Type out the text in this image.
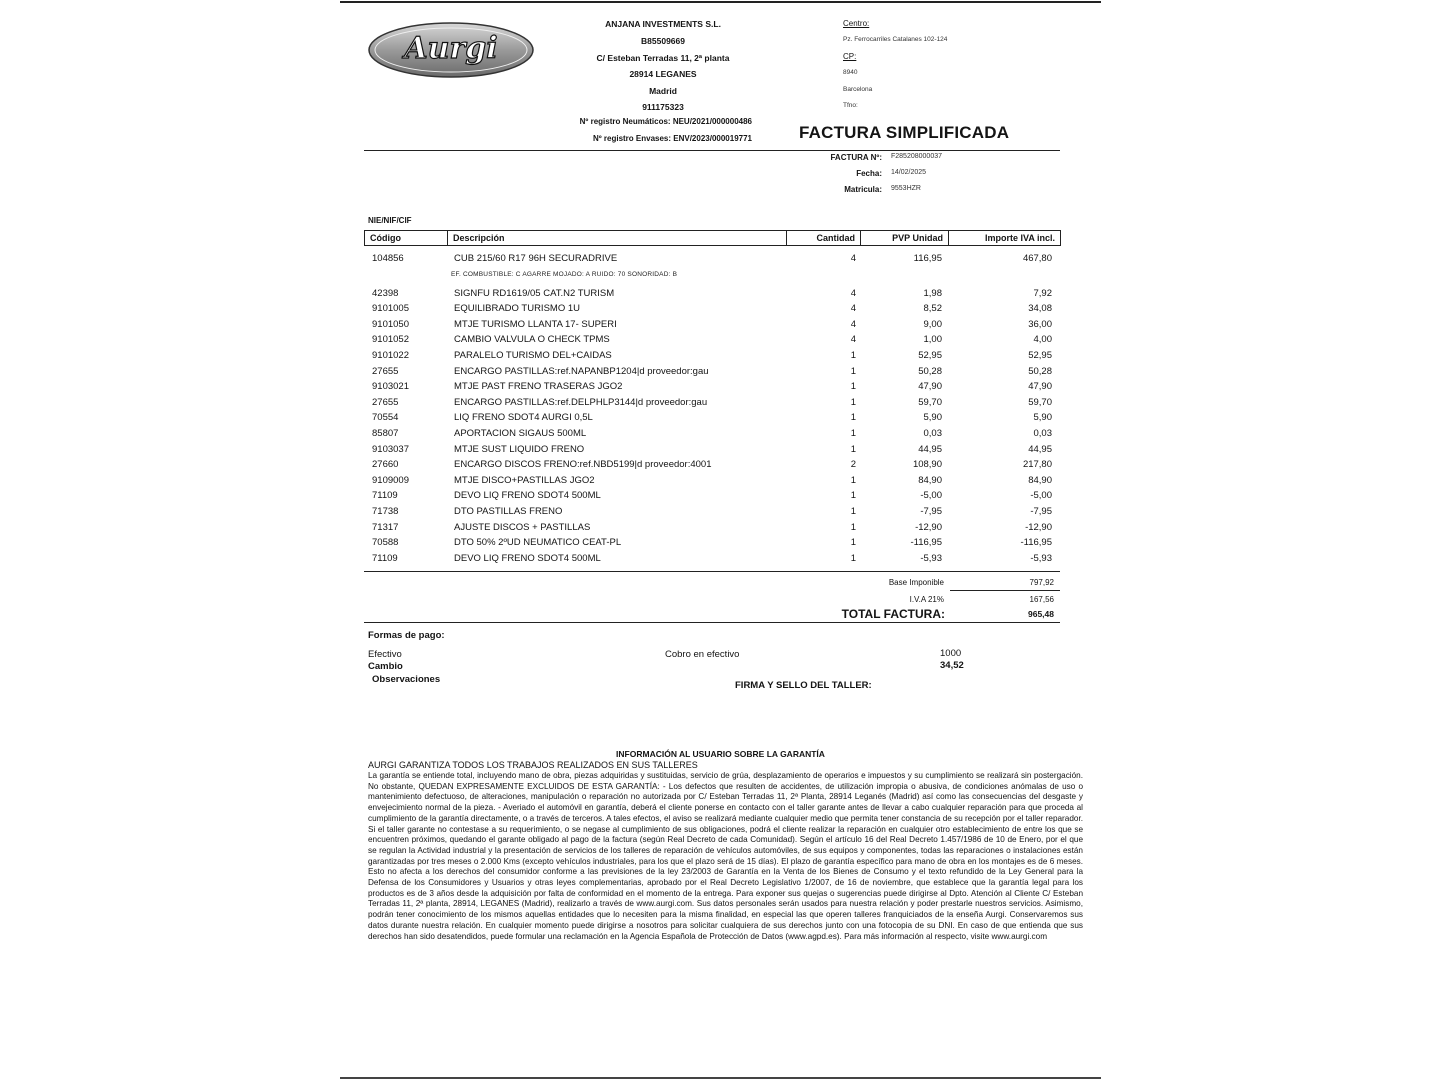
Aurgi
ANJANA INVESTMENTS S.L.
B85509669
C/ Esteban Terradas 11, 2ª planta
28914 LEGANES
Madrid
911175323
Nº registro Neumáticos: NEU/2021/000000486
Nº registro Envases: ENV/2023/000019771
Centro:
Pz. Ferrocarriles Catalanes 102-124
CP:
8940
Barcelona
Tfno:
FACTURA SIMPLIFICADA
FACTURA Nº: F285208000037
Fecha: 14/02/2025
Matricula: 9553HZR
NIE/NIF/CIF
Código	Descripción	Cantidad	PVP Unidad	Importe IVA incl.
104856	CUB 215/60 R17 96H SECURADRIVE	4	116,95	467,80
42398	SIGNFU RD1619/05 CAT.N2 TURISM	4	1,98	7,92
9101005	EQUILIBRADO TURISMO 1U	4	8,52	34,08
9101050	MTJE TURISMO LLANTA 17- SUPERI	4	9,00	36,00
9101052	CAMBIO VALVULA O CHECK TPMS	4	1,00	4,00
9101022	PARALELO TURISMO DEL+CAIDAS	1	52,95	52,95
27655	ENCARGO PASTILLAS:ref.NAPANBP1204|d proveedor:gau	1	50,28	50,28
9103021	MTJE PAST FRENO TRASERAS JGO2	1	47,90	47,90
27655	ENCARGO PASTILLAS:ref.DELPHLP3144|d proveedor:gau	1	59,70	59,70
70554	LIQ FRENO SDOT4 AURGI 0,5L	1	5,90	5,90
85807	APORTACION SIGAUS 500ML	1	0,03	0,03
9103037	MTJE SUST LIQUIDO FRENO	1	44,95	44,95
27660	ENCARGO DISCOS FRENO:ref.NBD5199|d proveedor:4001	2	108,90	217,80
9109009	MTJE DISCO+PASTILLAS JGO2	1	84,90	84,90
71109	DEVO LIQ FRENO SDOT4 500ML	1	-5,00	-5,00
71738	DTO PASTILLAS FRENO	1	-7,95	-7,95
71317	AJUSTE DISCOS + PASTILLAS	1	-12,90	-12,90
70588	DTO 50% 2ºUD NEUMATICO CEAT-PL	1	-116,95	-116,95
71109	DEVO LIQ FRENO SDOT4 500ML	1	-5,93	-5,93
EF. COMBUSTIBLE: C AGARRE MOJADO: A RUIDO: 70 SONORIDAD: B
Base Imponible	797,92
I.V.A 21%	167,56
TOTAL FACTURA:	965,48
Formas de pago:
Efectivo	Cobro en efectivo	1000
Cambio	34,52
Observaciones
FIRMA Y SELLO DEL TALLER:
INFORMACIÓN AL USUARIO SOBRE LA GARANTÍA
AURGI GARANTIZA TODOS LOS TRABAJOS REALIZADOS EN SUS TALLERES
La garantía se entiende total, incluyendo mano de obra, piezas adquiridas y sustituidas, servicio de grúa, desplazamiento de operarios e impuestos y su cumplimiento se realizará sin postergación. No obstante, QUEDAN EXPRESAMENTE EXCLUIDOS DE ESTA GARANTÍA: - Los defectos que resulten de accidentes, de utilización impropia o abusiva, de condiciones anómalas de uso o mantenimiento defectuoso, de alteraciones, manipulación o reparación no autorizada por C/ Esteban Terradas 11, 2ª Planta, 28914 Leganés (Madrid) así como las consecuencias del desgaste y envejecimiento normal de la pieza. - Averiado el automóvil en garantía, deberá el cliente ponerse en contacto con el taller garante antes de llevar a cabo cualquier reparación para que proceda al cumplimiento de la garantía directamente, o a través de terceros. A tales efectos, el aviso se realizará mediante cualquier medio que permita tener constancia de su recepción por el taller reparador. Si el taller garante no contestase a su requerimiento, o se negase al cumplimiento de sus obligaciones, podrá el cliente realizar la reparación en cualquier otro establecimiento de entre los que se encuentren próximos, quedando el garante obligado al pago de la factura (según Real Decreto de cada Comunidad). Según el artículo 16 del Real Decreto 1.457/1986 de 10 de Enero, por el que se regulan la Actividad industrial y la presentación de servicios de los talleres de reparación de vehículos automóviles, de sus equipos y componentes, todas las reparaciones o instalaciones están garantizadas por tres meses o 2.000 Kms (excepto vehículos industriales, para los que el plazo será de 15 días). El plazo de garantía específico para mano de obra en los montajes es de 6 meses. Esto no afecta a los derechos del consumidor conforme a las previsiones de la ley 23/2003 de Garantía en la Venta de los Bienes de Consumo y el texto refundido de la Ley General para la Defensa de los Consumidores y Usuarios y otras leyes complementarias, aprobado por el Real Decreto Legislativo 1/2007, de 16 de noviembre, que establece que la garantía legal para los productos es de 3 años desde la adquisición por falta de conformidad en el momento de la entrega. Para exponer sus quejas o sugerencias puede dirigirse al Dpto. Atención al Cliente C/ Esteban Terradas 11, 2ª planta, 28914, LEGANES (Madrid), realizarlo a través de www.aurgi.com. Sus datos personales serán usados para nuestra relación y poder prestarle nuestros servicios. Asimismo, podrán tener conocimiento de los mismos aquellas entidades que lo necesiten para la misma finalidad, en especial las que operen talleres franquiciados de la enseña Aurgi. Conservaremos sus datos durante nuestra relación. En cualquier momento puede dirigirse a nosotros para solicitar cualquiera de sus derechos junto con una fotocopia de su DNI. En caso de que entienda que sus derechos han sido desatendidos, puede formular una reclamación en la Agencia Española de Protección de Datos (www.agpd.es). Para más información al respecto, visite www.aurgi.com
